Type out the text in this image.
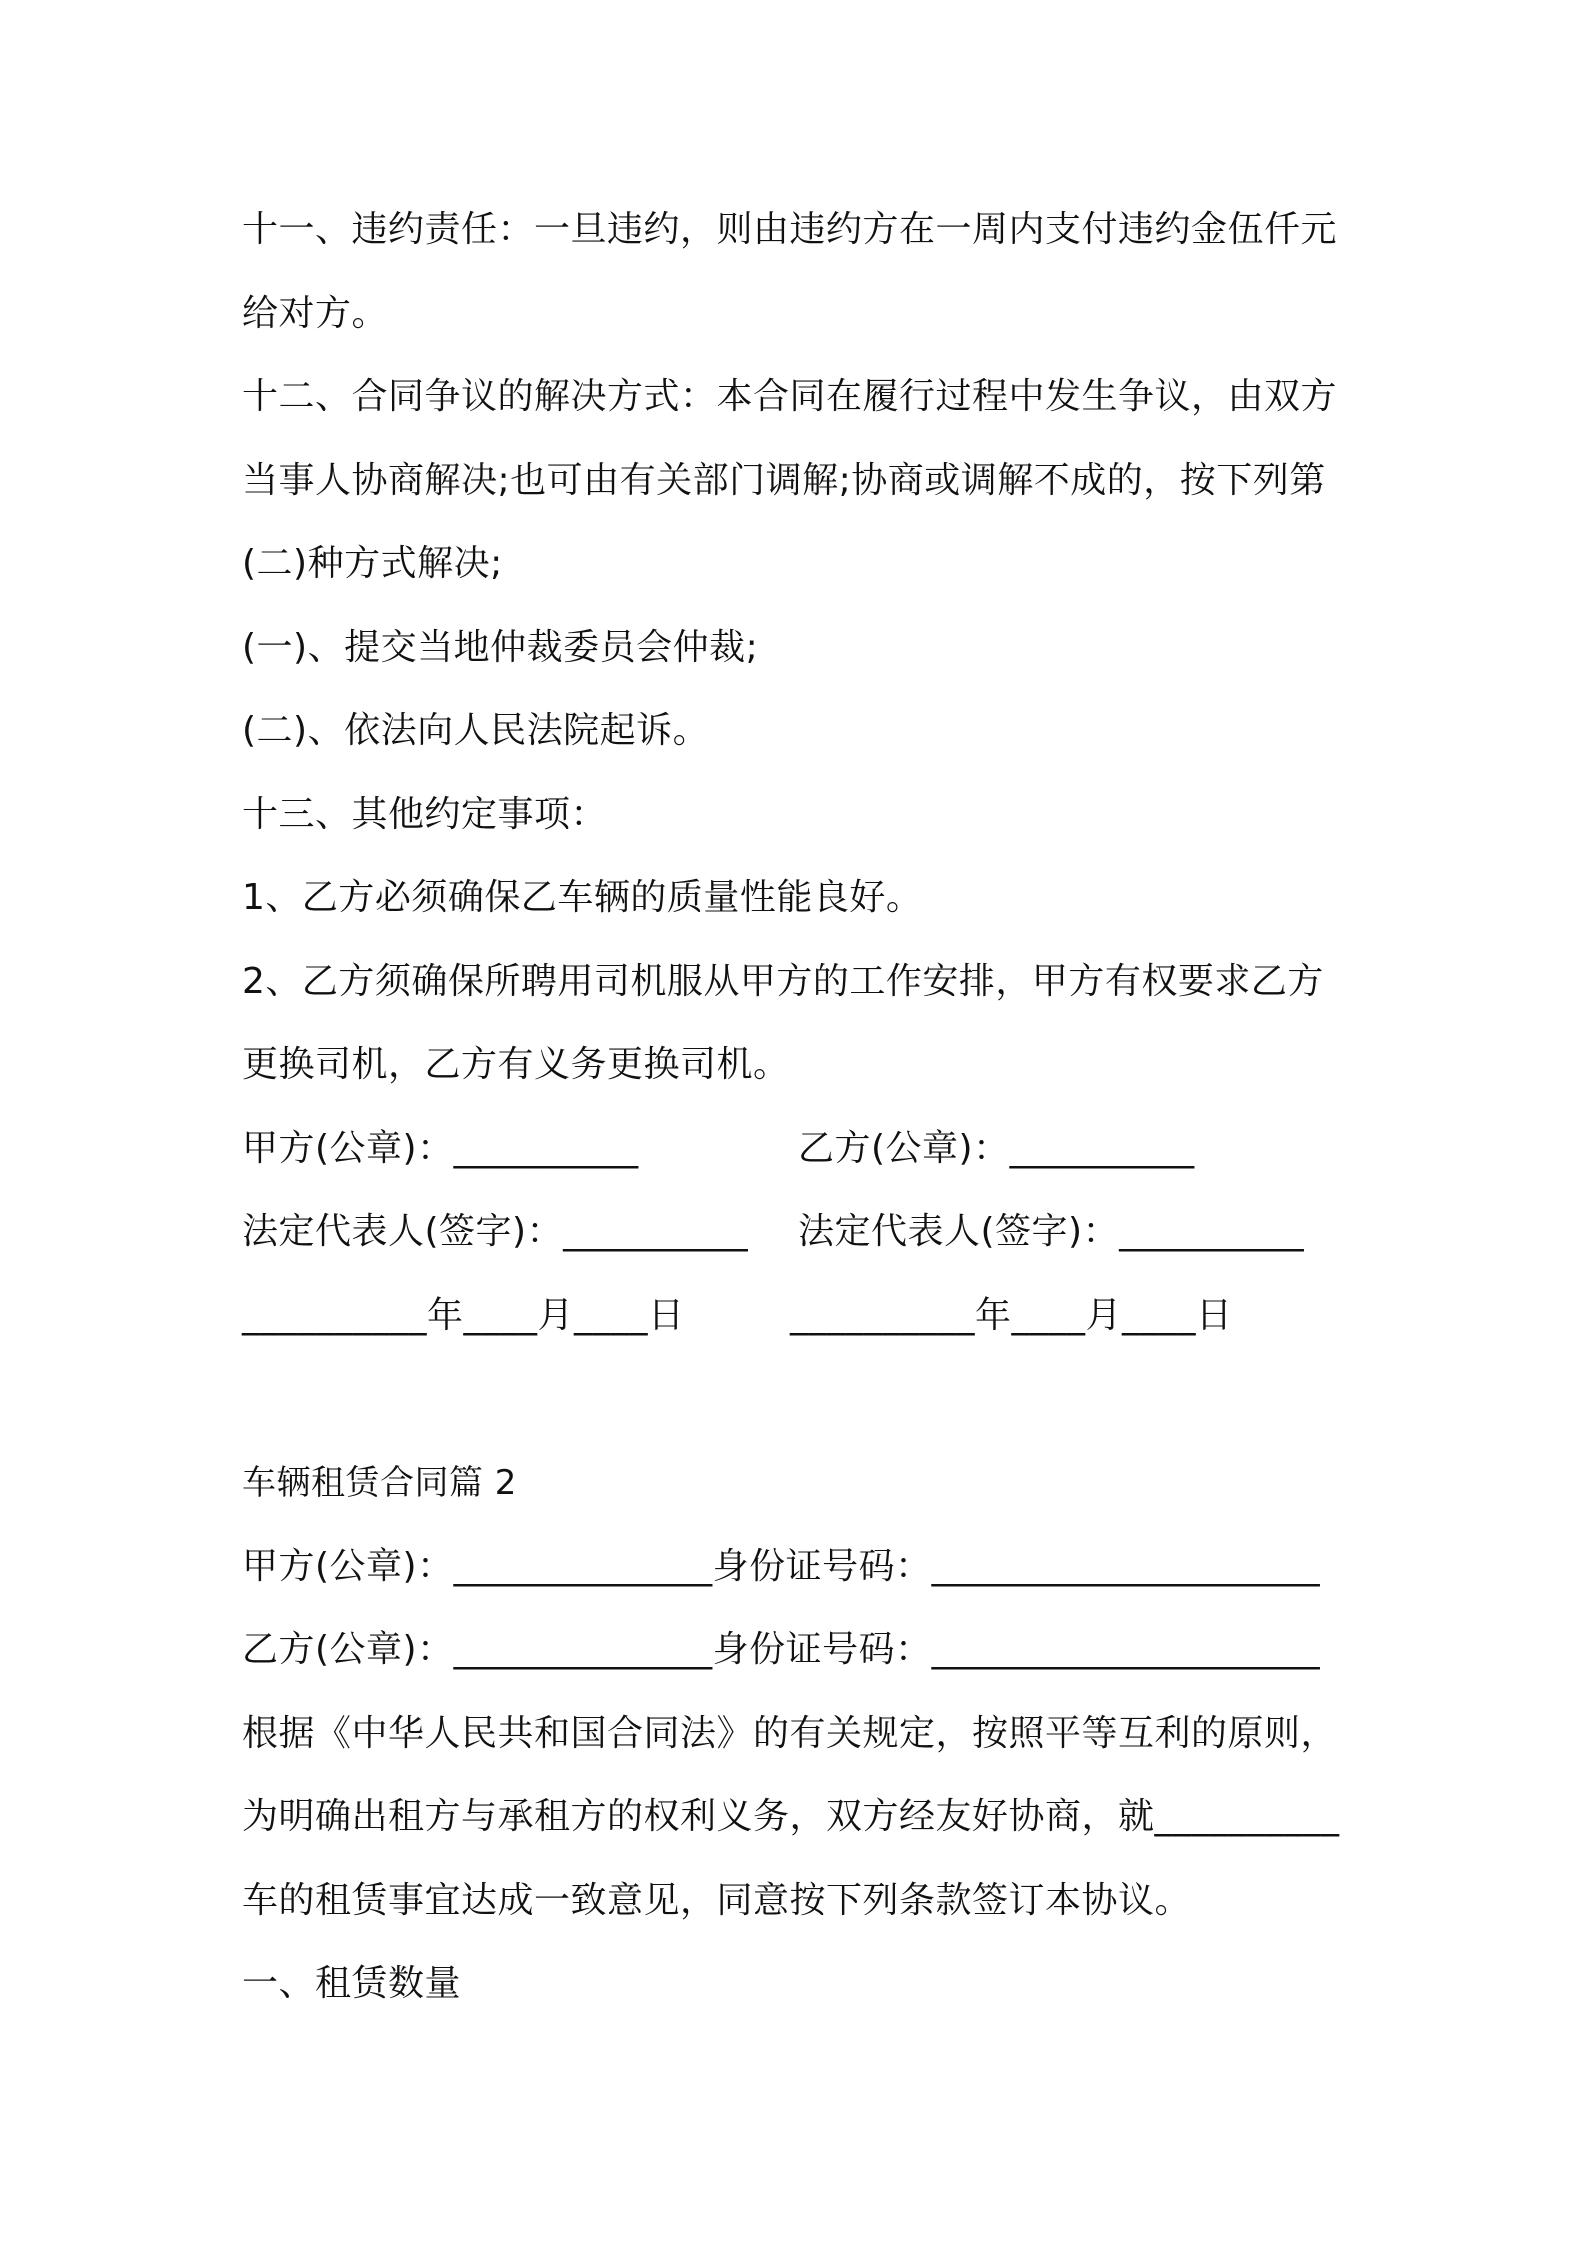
十一、违约责任：一旦违约，则由违约方在一周内支付违约金伍仟元
给对方。
十二、合同争议的解决方式：本合同在履行过程中发生争议，由双方
当事人协商解决;也可由有关部门调解;协商或调解不成的，按下列第
(二)种方式解决;
(一)、提交当地仲裁委员会仲裁;
(二)、依法向人民法院起诉。
十三、其他约定事项：
1、乙方必须确保乙车辆的质量性能良好。
2、乙方须确保所聘用司机服从甲方的工作安排，甲方有权要求乙方
更换司机，乙方有义务更换司机。
甲方(公章)：__________	乙方(公章)：__________
法定代表人(签字)：__________ 法定代表人(签字)：__________
__________年____月____日	__________年____月____日
车辆租赁合同篇 2
甲方(公章)：______________身份证号码：_____________________
乙方(公章)：______________身份证号码：_____________________
根据《中华人民共和国合同法》的有关规定，按照平等互利的原则，
为明确出租方与承租方的权利义务，双方经友好协商，就__________
车的租赁事宜达成一致意见，同意按下列条款签订本协议。
一、租赁数量
